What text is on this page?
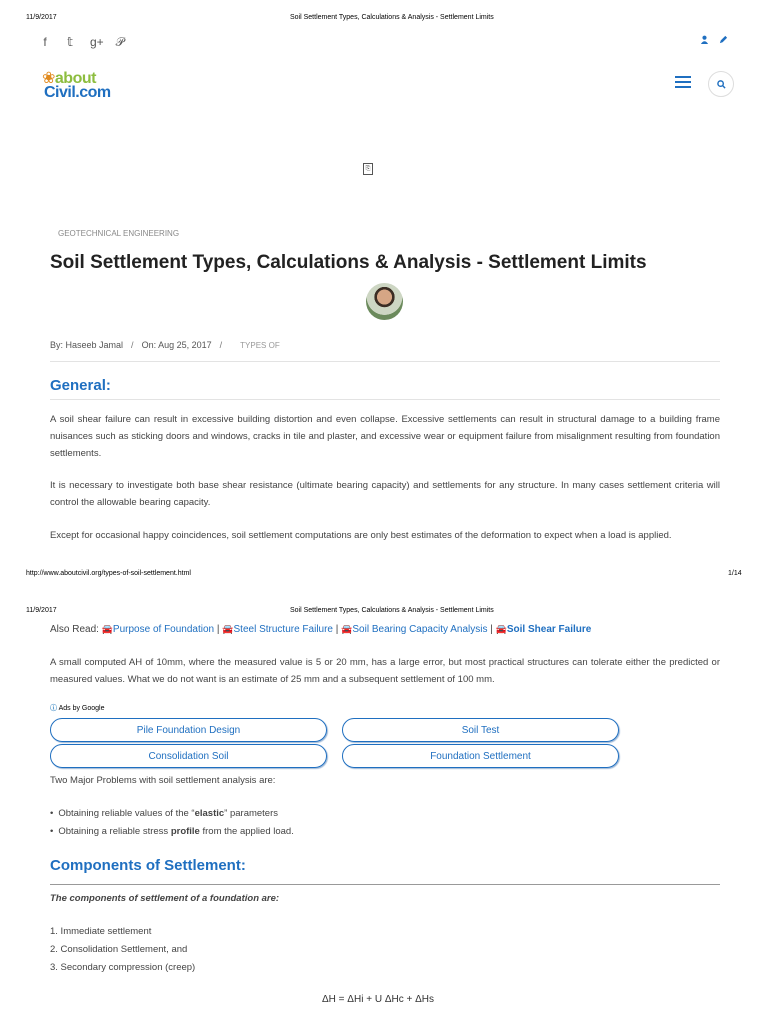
11/9/2017	Soil Settlement Types, Calculations & Analysis - Settlement Limits
f 𝕥 g+ 𝒫
❀about
Civil.com
⎘
GEOTECHNICAL ENGINEERING
Soil Settlement Types, Calculations & Analysis - Settlement Limits
By: Haseeb Jamal / On: Aug 25, 2017 / TYPES OF
General:
A soil shear failure can result in excessive building distortion and even collapse. Excessive settlements can result in structural damage to a building frame nuisances such as sticking doors and windows, cracks in tile and plaster, and excessive wear or equipment failure from misalignment resulting from foundation settlements.
It is necessary to investigate both base shear resistance (ultimate bearing capacity) and settlements for any structure. In many cases settlement criteria will control the allowable bearing capacity.
Except for occasional happy coincidences, soil settlement computations are only best estimates of the deformation to expect when a load is applied.
http://www.aboutcivil.org/types-of-soil-settlement.html	1/14
11/9/2017	Soil Settlement Types, Calculations & Analysis - Settlement Limits
Also Read: 🚘Purpose of Foundation | 🚘Steel Structure Failure | 🚘Soil Bearing Capacity Analysis | 🚘Soil Shear Failure
A small computed AH of 10mm, where the measured value is 5 or 20 mm, has a large error, but most practical structures can tolerate either the predicted or measured values. What we do not want is an estimate of 25 mm and a subsequent settlement of 100 mm.
ⓘ Ads by Google
Pile Foundation Design	Soil Test
Consolidation Soil	Foundation Settlement
Two Major Problems with soil settlement analysis are:
• Obtaining reliable values of the “elastic” parameters
• Obtaining a reliable stress profile from the applied load.
Components of Settlement:
The components of settlement of a foundation are:
1. Immediate settlement
2. Consolidation Settlement, and
3. Secondary compression (creep)
ΔH = ΔHi + U ΔHc + ΔHs
